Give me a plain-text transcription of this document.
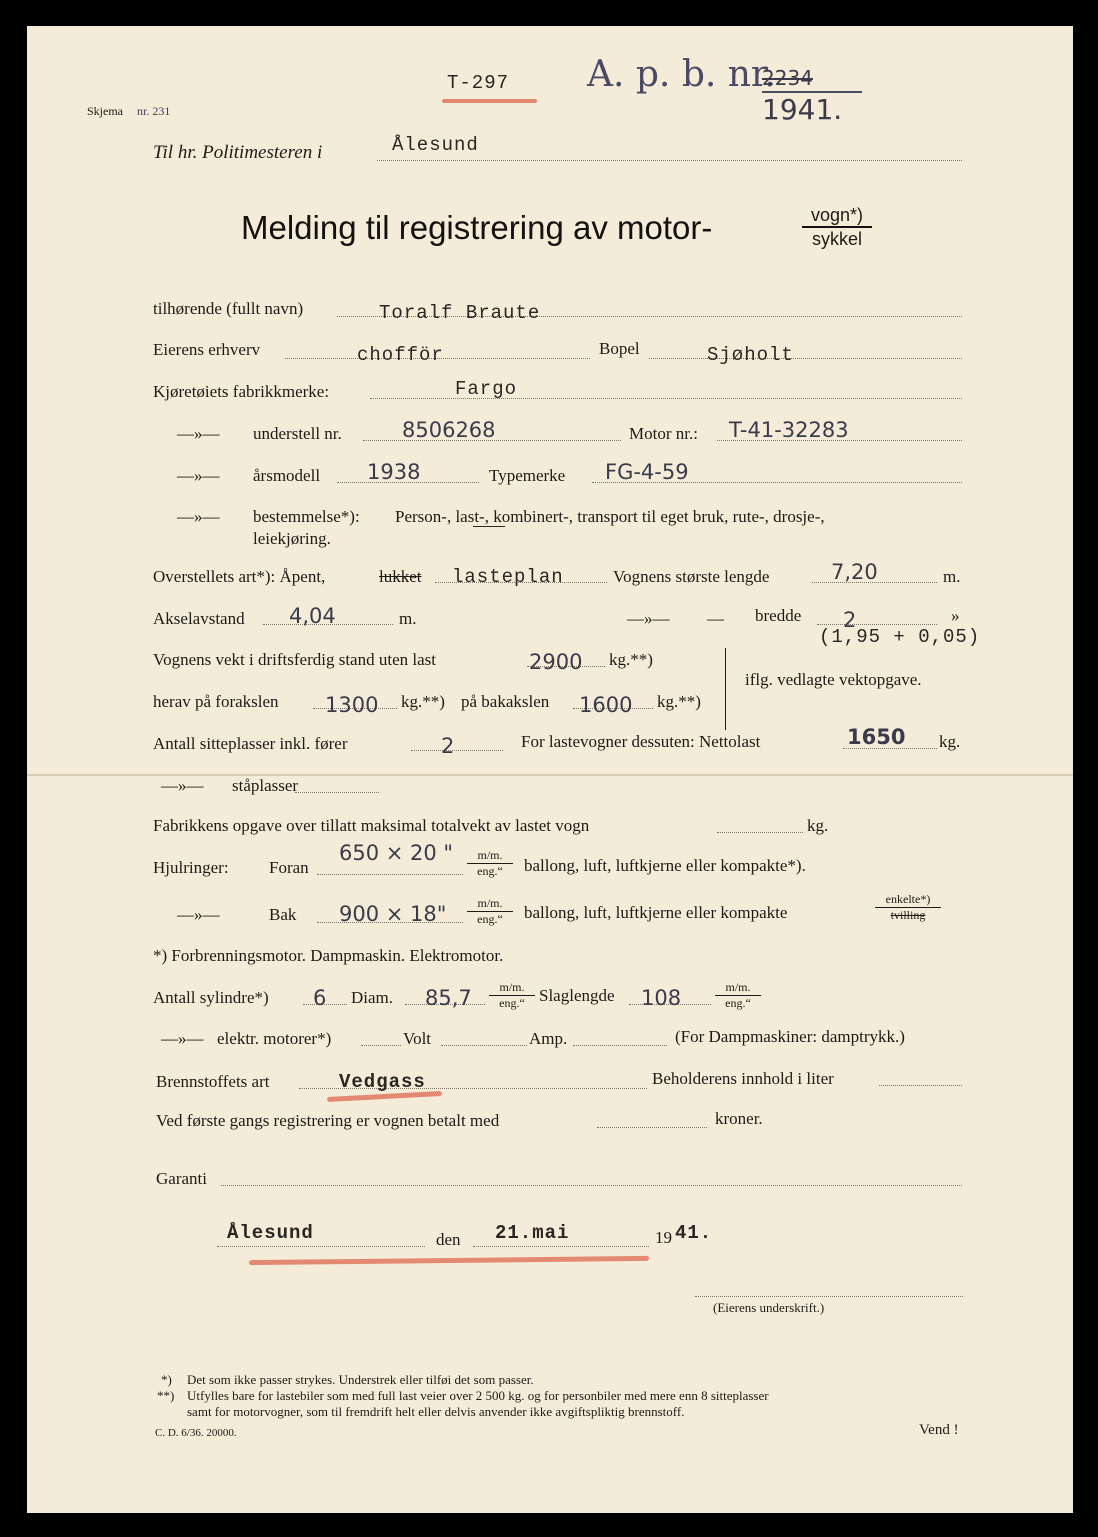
Skjema nr. 231
T-297 A. p. b. nr.
2234
1941.
Til hr. Politimesteren i	Ålesund
Melding til registrering av motor-	vogn*)
sykkel
tilhørende (fullt navn)	Toralf Braute
Eierens erhverv	chofför	Bopel	Sjøholt
Kjøretøiets fabrikkmerke:	Fargo
—»— understell nr.	8506268	Motor nr.: T-41-32283
—»— årsmodell 1938	Typemerke FG-4-59
—»— bestemmelse*): Person-, last-, kombinert-, transport til eget bruk, rute-, drosje-,
leiekjøring.
Overstellets art*): Åpent,	lukket lasteplan	Vognens største lengde	7,20	m.
Akselavstand 4,04	m.	—»— — bredde 2	»
(1,95 + 0,05)
Vognens vekt i driftsferdig stand uten last	2900 kg.**)
iflg. vedlagte vektopgave.
herav på forakslen 1300 kg.**) på bakakslen 1600 kg.**)
Antall sitteplasser inkl. fører	2	For lastevogner dessuten: Nettolast	1650 kg.
—»— ståplasser
Fabrikkens opgave over tillatt maksimal totalvekt av lastet vogn	kg.
Hjulringer: Foran
650 × 20 "	m/m.
eng.“	ballong, luft, luftkjerne eller kompakte*).
—»—	Bak 900 × 18"	m/m.
eng.“	ballong, luft, luftkjerne eller kompakte
enkelte*)
tvilling
*) Forbrenningsmotor. Dampmaskin. Elektromotor.
Antall sylindre*) 6 Diam. 85,7	m/m.
eng.“ Slaglengde 108	m/m.
eng.“
—»— elektr. motorer*)	Volt	Amp.	(For Dampmaskiner: damptrykk.)
Brennstoffets art	Vedgass	Beholderens innhold i liter
Ved første gangs registrering er vognen betalt med	kroner.
Garanti
Ålesund	den 21.mai	19 41.
(Eierens underskrift.)
*) Det som ikke passer strykes. Understrek eller tilføi det som passer.
**) Utfylles bare for lastebiler som med full last veier over 2 500 kg. og for personbiler med mere enn 8 sitteplasser
samt for motorvogner, som til fremdrift helt eller delvis anvender ikke avgiftspliktig brennstoff.
C. D. 6/36. 20000.	Vend !
